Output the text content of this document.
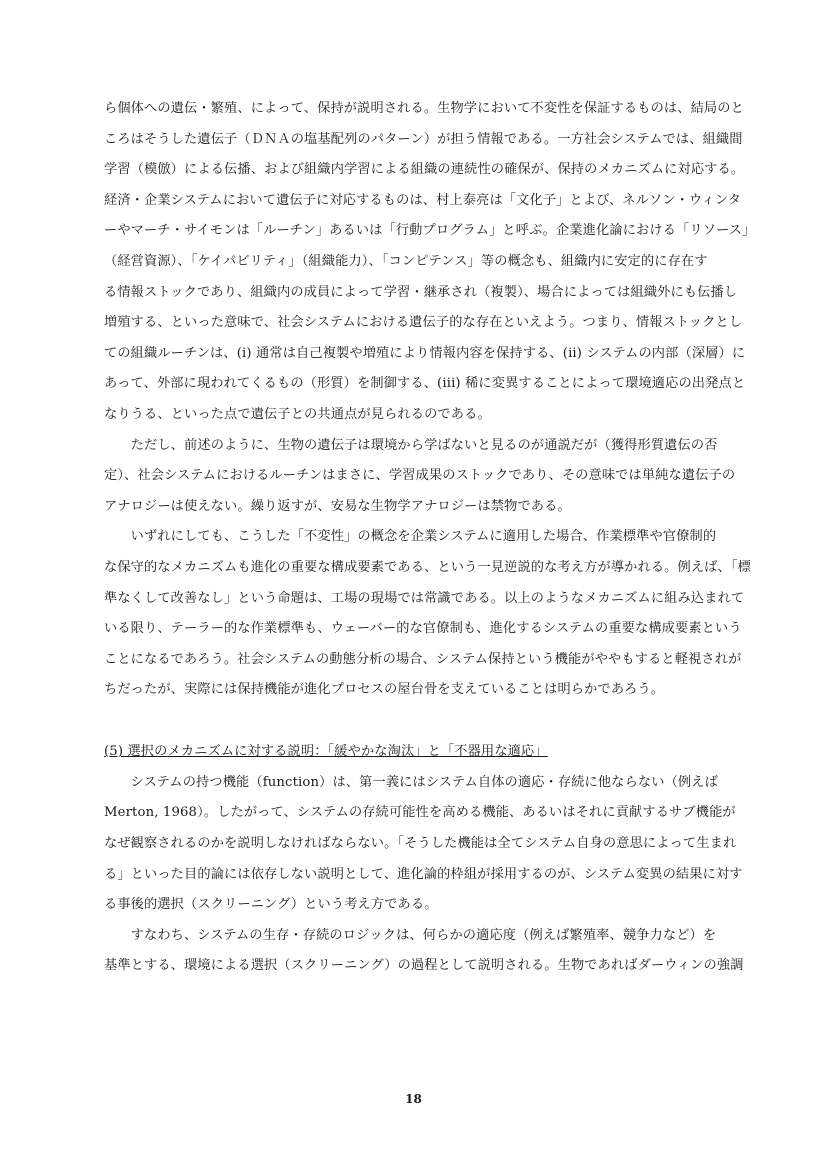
ら個体への遺伝・繁殖、によって、保持が説明される。生物学において不変性を保証するものは、結局のと
ころはそうした遺伝子（ＤＮＡの塩基配列のパターン）が担う情報である。一方社会システムでは、組織間
学習（模倣）による伝播、および組織内学習による組織の連続性の確保が、保持のメカニズムに対応する。
経済・企業システムにおいて遺伝子に対応するものは、村上泰亮は「文化子」とよび、ネルソン・ウィンタ
ーやマーチ・サイモンは「ルーチン」あるいは「行動プログラム」と呼ぶ。企業進化論における「リソース」
（経営資源）、「ケイパビリティ」（組織能力）、「コンピテンス」等の概念も、組織内に安定的に存在す
る情報ストックであり、組織内の成員によって学習・継承され（複製）、場合によっては組織外にも伝播し
増殖する、といった意味で、社会システムにおける遺伝子的な存在といえよう。つまり、情報ストックとし
ての組織ルーチンは、(i) 通常は自己複製や増殖により情報内容を保持する、(ii) システムの内部（深層）に
あって、外部に現われてくるもの（形質）を制御する、(iii) 稀に変異することによって環境適応の出発点と
なりうる、といった点で遺伝子との共通点が見られるのである。
　　ただし、前述のように、生物の遺伝子は環境から学ばないと見るのが通説だが（獲得形質遺伝の否
定）、社会システムにおけるルーチンはまさに、学習成果のストックであり、その意味では単純な遺伝子の
アナロジーは使えない。繰り返すが、安易な生物学アナロジーは禁物である。
　　いずれにしても、こうした「不変性」の概念を企業システムに適用した場合、作業標準や官僚制的
な保守的なメカニズムも進化の重要な構成要素である、という一見逆説的な考え方が導かれる。例えば、「標
準なくして改善なし」という命題は、工場の現場では常識である。以上のようなメカニズムに組み込まれて
いる限り、テーラー的な作業標準も、ウェーバー的な官僚制も、進化するシステムの重要な構成要素という
ことになるであろう。社会システムの動態分析の場合、システム保持という機能がややもすると軽視されが
ちだったが、実際には保持機能が進化プロセスの屋台骨を支えていることは明らかであろう。
(5) 選択のメカニズムに対する説明：「緩やかな淘汰」と「不器用な適応」
　　システムの持つ機能（function）は、第一義にはシステム自体の適応・存続に他ならない（例えば
Merton, 1968）。したがって、システムの存続可能性を高める機能、あるいはそれに貢献するサブ機能が
なぜ観察されるのかを説明しなければならない。「そうした機能は全てシステム自身の意思によって生まれ
る」といった目的論には依存しない説明として、進化論的枠組が採用するのが、システム変異の結果に対す
る事後的選択（スクリーニング）という考え方である。
　　すなわち、システムの生存・存続のロジックは、何らかの適応度（例えば繁殖率、競争力など）を
基準とする、環境による選択（スクリーニング）の過程として説明される。生物であればダーウィンの強調
18
